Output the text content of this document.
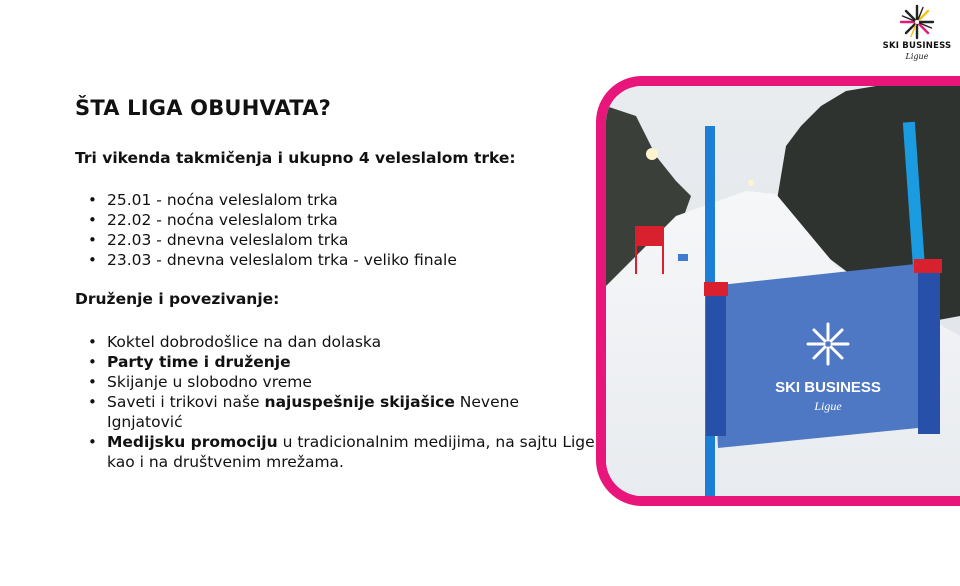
SKI BUSINESS
Ligue
ŠTA LIGA OBUHVATA?
Tri vikenda takmičenja i ukupno 4 veleslalom trke:
• 25.01 - noćna veleslalom trka
• 22.02 - noćna veleslalom trka
• 22.03 - dnevna veleslalom trka
• 23.03 - dnevna veleslalom trka - veliko finale
Druženje i povezivanje:
• Koktel dobrodošlice na dan dolaska
• Party time i druženje
• Skijanje u slobodno vreme
• Saveti i trikovi naše najuspešnije skijašice Nevene Ignjatović
• Medijsku promociju u tradicionalnim medijima, na sajtu Lige kao i na društvenim mrežama.
SKI BUSINESS
Ligue
